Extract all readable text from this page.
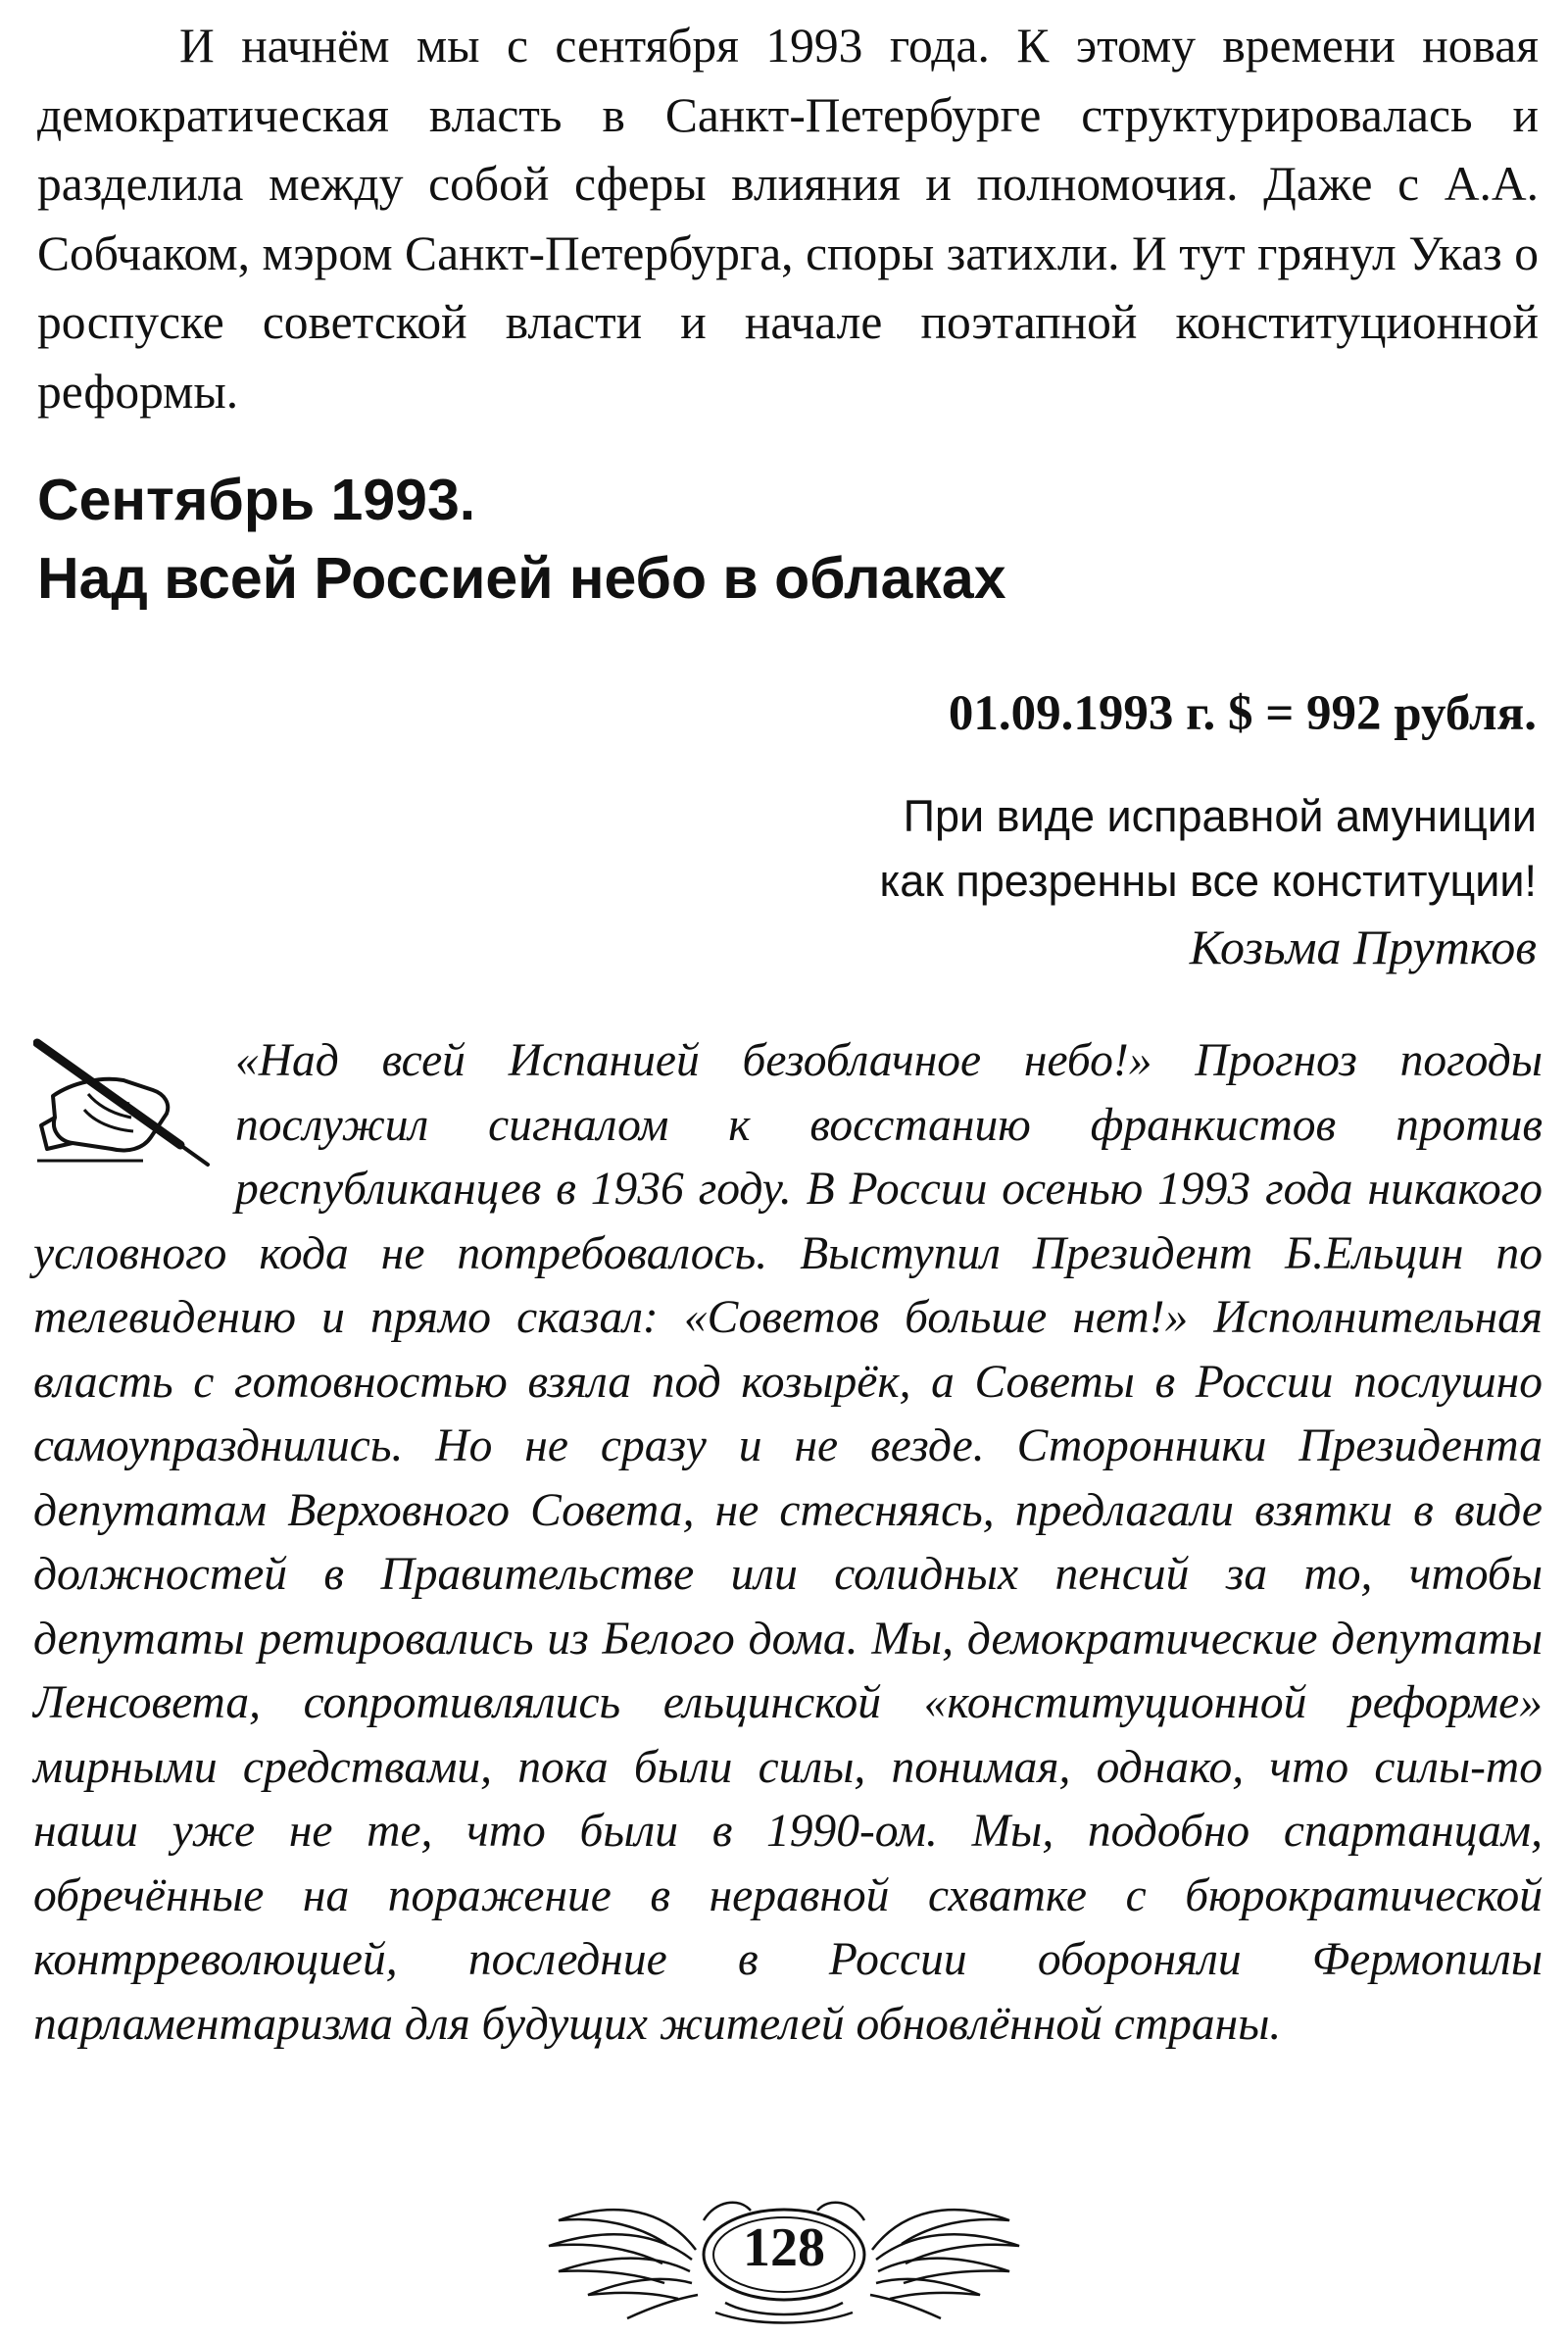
И начнём мы с сентября 1993 года. К этому времени новая демократическая власть в Санкт-Петербурге структурировалась и разделила между собой сферы влияния и полномочия. Даже с А.А. Собчаком, мэром Санкт-Петербурга, споры затихли. И тут грянул Указ о роспуске советской власти и начале поэтапной конституционной реформы.

Сентябрь 1993.
Над всей Россией небо в облаках
01.09.1993 г. $ = 992 рубля.
При виде исправной амуниции
как презренны все конституции!
Козьма Прутков
«Над всей Испанией безоблачное небо!» Прогноз погоды послужил сигналом к восстанию франкистов против республиканцев в 1936 году. В России осенью 1993 года никакого условного кода не потребовалось. Выступил Президент Б.Ельцин по телевидению и прямо сказал: «Советов больше нет!» Исполнительная власть с готовностью взяла под козырёк, а Советы в России послушно самоупразднились. Но не сразу и не везде. Сторонники Президента депутатам Верховного Совета, не стесняясь, предлагали взятки в виде должностей в Правительстве или солидных пенсий за то, чтобы депутаты ретировались из Белого дома. Мы, демократические депутаты Ленсовета, сопротивлялись ельцинской «конституционной реформе» мирными средствами, пока были силы, понимая, однако, что силы-то наши уже не те, что были в 1990-ом. Мы, подобно спартанцам, обречённые на поражение в неравной схватке с бюрократической контрреволюцией, последние в России обороняли Фермопилы парламентаризма для будущих жителей обновлённой страны.
128
